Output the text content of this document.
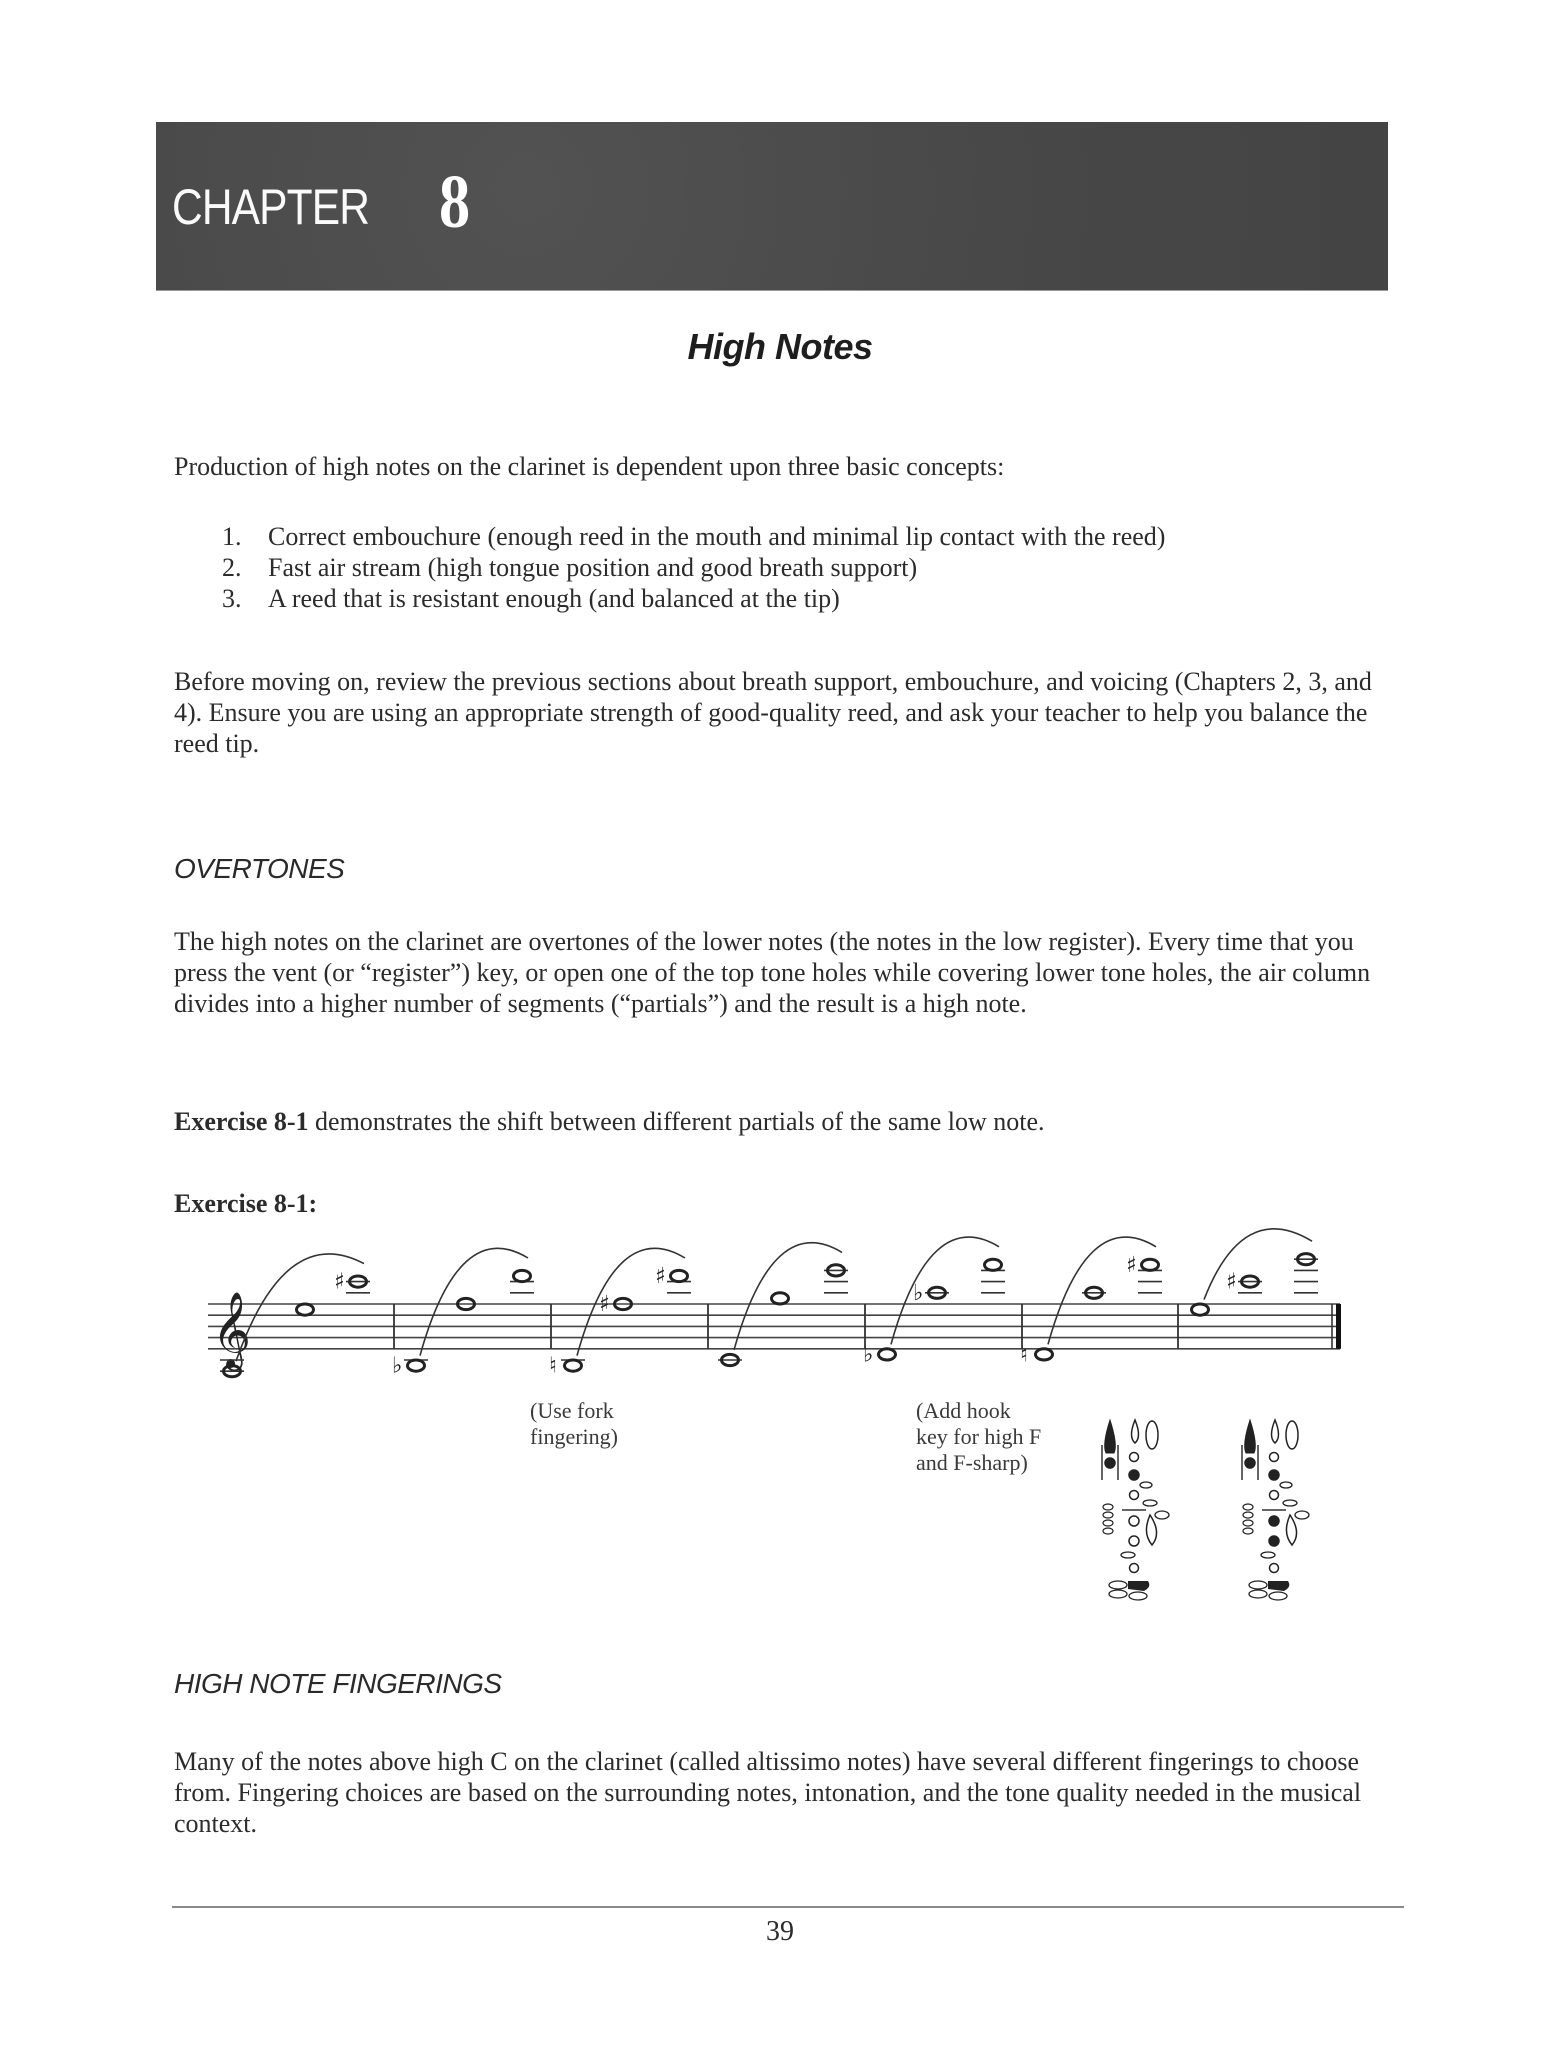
CHAPTER 8
High Notes
Production of high notes on the clarinet is dependent upon three basic concepts:
1.	Correct embouchure (enough reed in the mouth and minimal lip contact with the reed)
2.	Fast air stream (high tongue position and good breath support)
3.	A reed that is resistant enough (and balanced at the tip)
Before moving on, review the previous sections about breath support, embouchure, and voicing (Chapters 2, 3, and 4). Ensure you are using an appropriate strength of good-quality reed, and ask your teacher to help you balance the reed tip.
OVERTONES
The high notes on the clarinet are overtones of the lower notes (the notes in the low register). Every time that you press the vent (or “register”) key, or open one of the top tone holes while covering lower tone holes, the air column divides into a higher number of segments (“partials”) and the result is a high note.
Exercise 8-1 demonstrates the shift between different partials of the same low note.
Exercise 8-1:
𝄞
♯
♭	♮
♯
♯
♭
♭
♮
♯
♯
(Use fork
fingering)
(Add hook
key for high F
and F-sharp)
HIGH NOTE FINGERINGS
Many of the notes above high C on the clarinet (called altissimo notes) have several different fingerings to choose from. Fingering choices are based on the surrounding notes, intonation, and the tone quality needed in the musical context.
39
